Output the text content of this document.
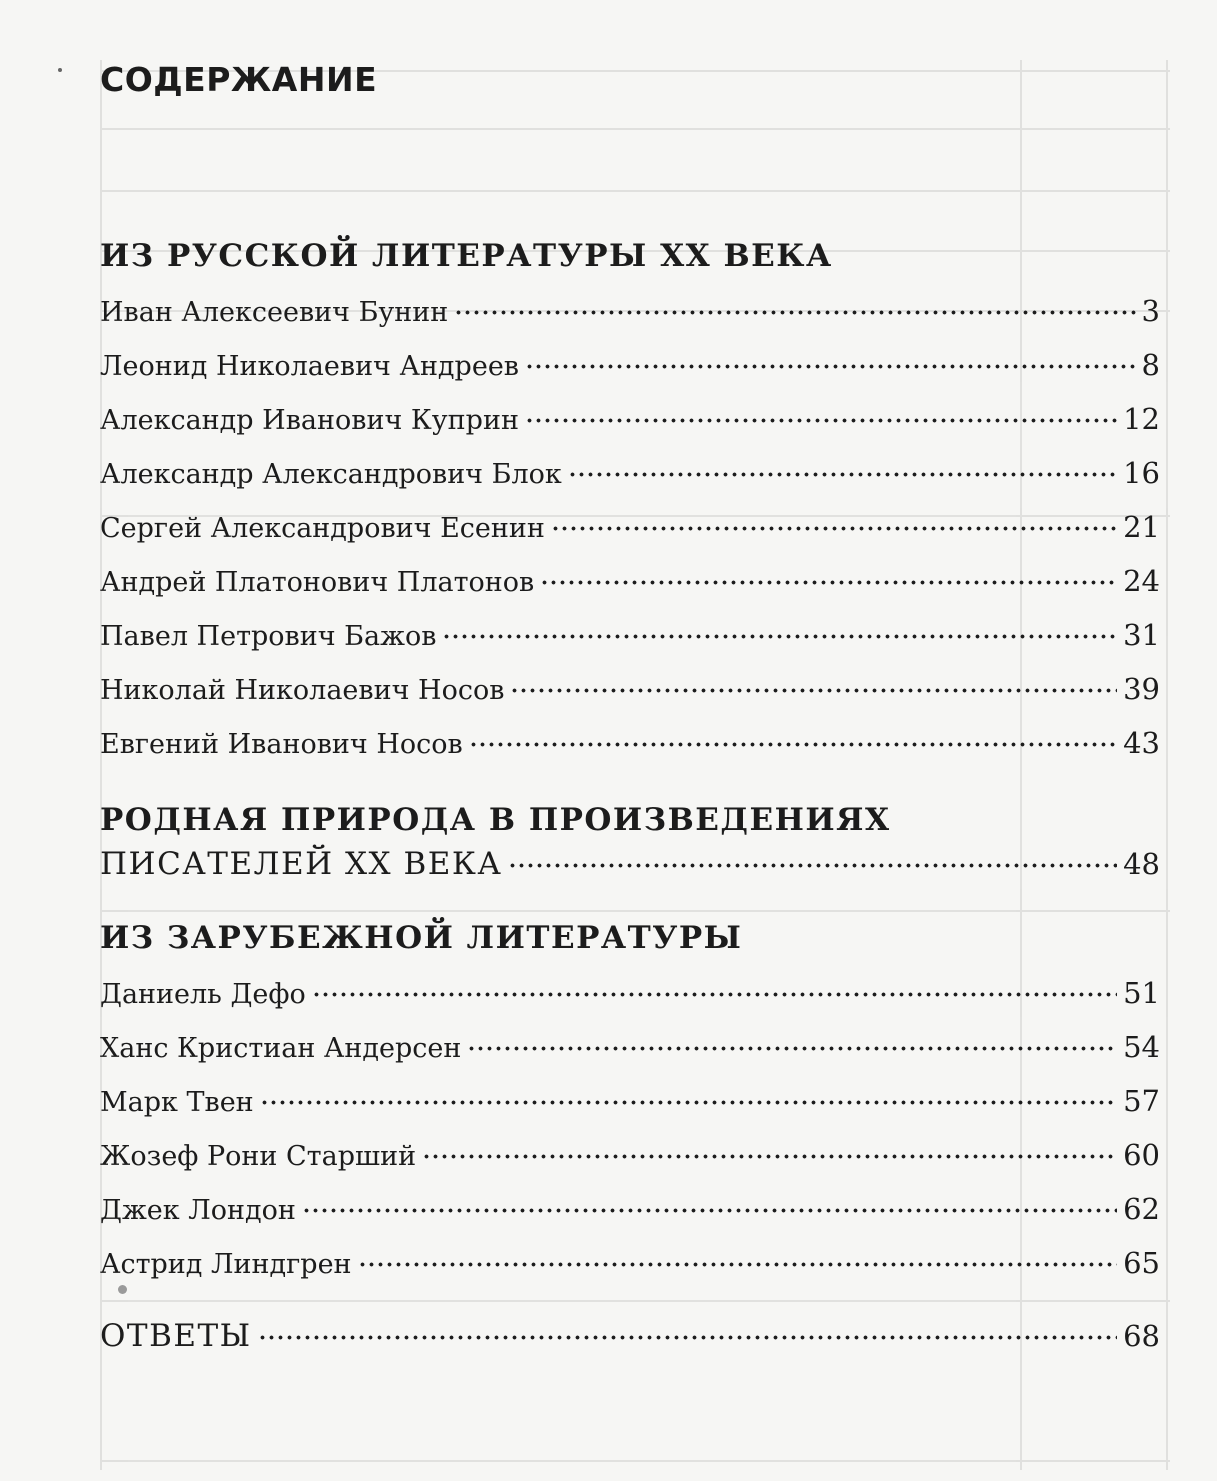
СОДЕРЖАНИЕ
ИЗ РУССКОЙ ЛИТЕРАТУРЫ XX ВЕКА
Иван Алексеевич Бунин	3
Леонид Николаевич Андреев	8
Александр Иванович Куприн	12
Александр Александрович Блок	16
Сергей Александрович Есенин	21
Андрей Платонович Платонов	24
Павел Петрович Бажов	31
Николай Николаевич Носов	39
Евгений Иванович Носов	43
РОДНАЯ ПРИРОДА В ПРОИЗВЕДЕНИЯХ
ПИСАТЕЛЕЙ XX ВЕКА	48
ИЗ ЗАРУБЕЖНОЙ ЛИТЕРАТУРЫ
Даниель Дефо	51
Ханс Кристиан Андерсен	54
Марк Твен	57
Жозеф Рони Старший	60
Джек Лондон	62
Астрид Линдгрен	65
ОТВЕТЫ	68
